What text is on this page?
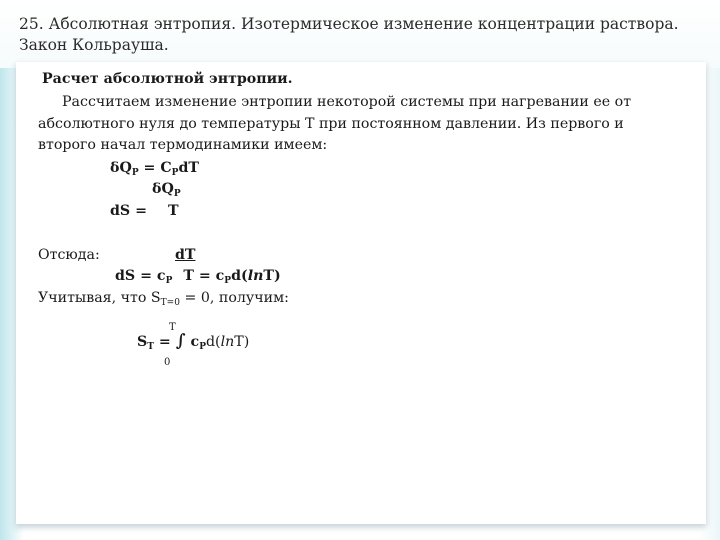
25. Абсолютная энтропия. Изотермическое изменение концентрации раствора. Закон Кольрауша.
Расчет абсолютной энтропии.
Рассчитаем изменение энтропии некоторой системы при нагревании ее от
абсолютного нуля до температуры Т при постоянном давлении. Из первого и
второго начал термодинамики имеем:
$\delta Q_P = C_PdT$
$\delta Q_P$
dS = T
Отсюда:	dT
dS = $c_P$ $T = c_Pd(\ln T)$
Учитывая, что $S_{T=0} = 0$, получим:
T
$S_T$ = ∫ $c_Pd(\ln T)$
0
